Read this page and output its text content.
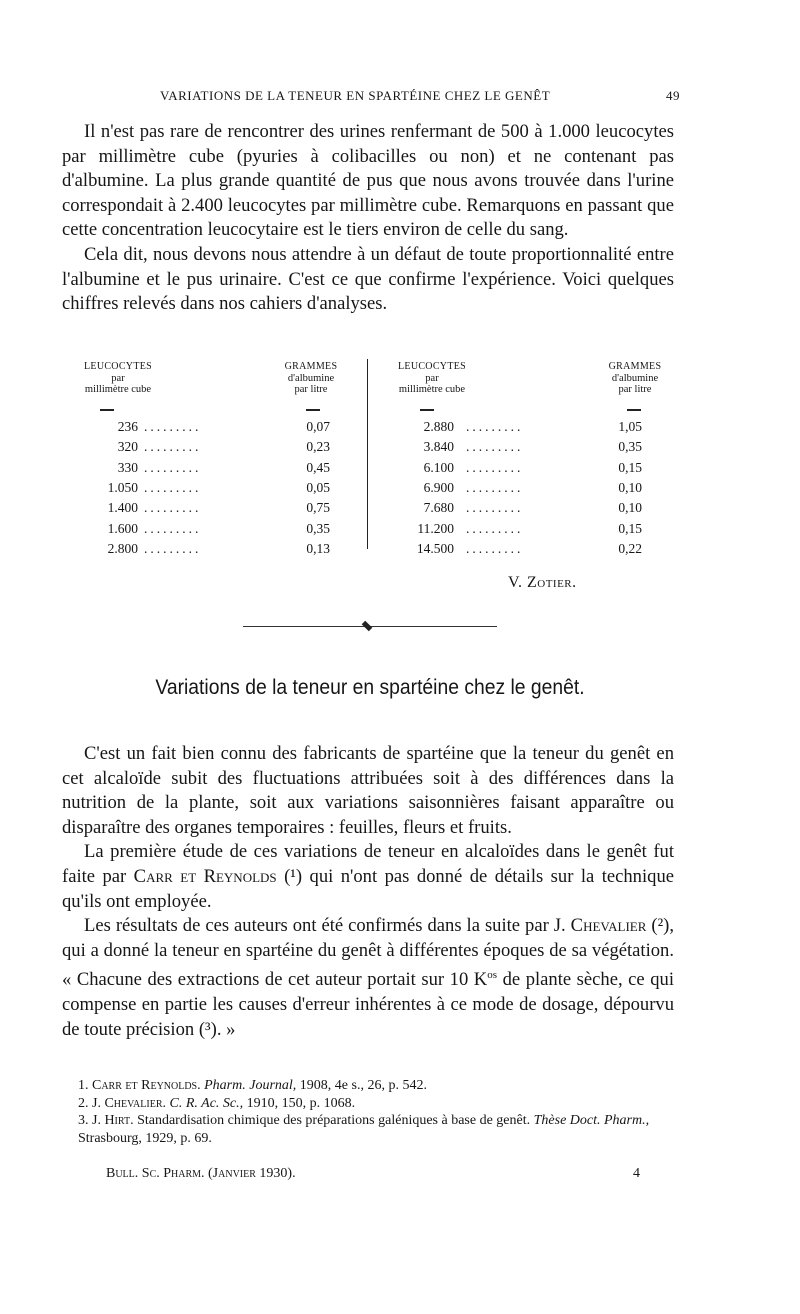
VARIATIONS DE LA TENEUR EN SPARTÉINE CHEZ LE GENÊT	49

Il n'est pas rare de rencontrer des urines renfermant de 500 à 1.000 leucocytes par millimètre cube (pyuries à colibacilles ou non) et ne contenant pas d'albumine. La plus grande quantité de pus que nous avons trouvée dans l'urine correspondait à 2.400 leucocytes par millimètre cube. Remarquons en passant que cette concentration leucocytaire est le tiers environ de celle du sang.

Cela dit, nous devons nous attendre à un défaut de toute proportionnalité entre l'albumine et le pus urinaire. C'est ce que confirme l'expérience. Voici quelques chiffres relevés dans nos cahiers d'analyses.

LEUCOCYTES
par
millimètre cube
GRAMMES
d'albumine
par litre
LEUCOCYTES
par
millimètre cube
GRAMMES
d'albumine
par litre
236 .........	0,07
320 .........	0,23
330 .........	0,45
1.050 .........	0,05
1.400 .........	0,75
1.600 .........	0,35
2.800 .........	0,13
2.880 .........	1,05
3.840 .........	0,35
6.100 .........	0,15
6.900 .........	0,10
7.680 .........	0,10
11.200 .........	0,15
14.500 .........	0,22
V. Zotier.
Variations de la teneur en spartéine chez le genêt.

C'est un fait bien connu des fabricants de spartéine que la teneur du genêt en cet alcaloïde subit des fluctuations attribuées soit à des différences dans la nutrition de la plante, soit aux variations saisonnières faisant apparaître ou disparaître des organes temporaires : feuilles, fleurs et fruits.

La première étude de ces variations de teneur en alcaloïdes dans le genêt fut faite par Carr et Reynolds (¹) qui n'ont pas donné de détails sur la technique qu'ils ont employée.

Les résultats de ces auteurs ont été confirmés dans la suite par J. Chevalier (²), qui a donné la teneur en spartéine du genêt à différentes époques de sa végétation. « Chacune des extractions de cet auteur portait sur 10 $K^{os}$ de plante sèche, ce qui compense en partie les causes d'erreur inhérentes à ce mode de dosage, dépourvu de toute précision (³). »

1. Carr et Reynolds. Pharm. Journal, 1908, 4e s., 26, p. 542.

2. J. Chevalier. C. R. Ac. Sc., 1910, 150, p. 1068.

3. J. Hirt. Standardisation chimique des préparations galéniques à base de genêt. Thèse Doct. Pharm., Strasbourg, 1929, p. 69.

Bull. Sc. Pharm. (Janvier 1930).	4
